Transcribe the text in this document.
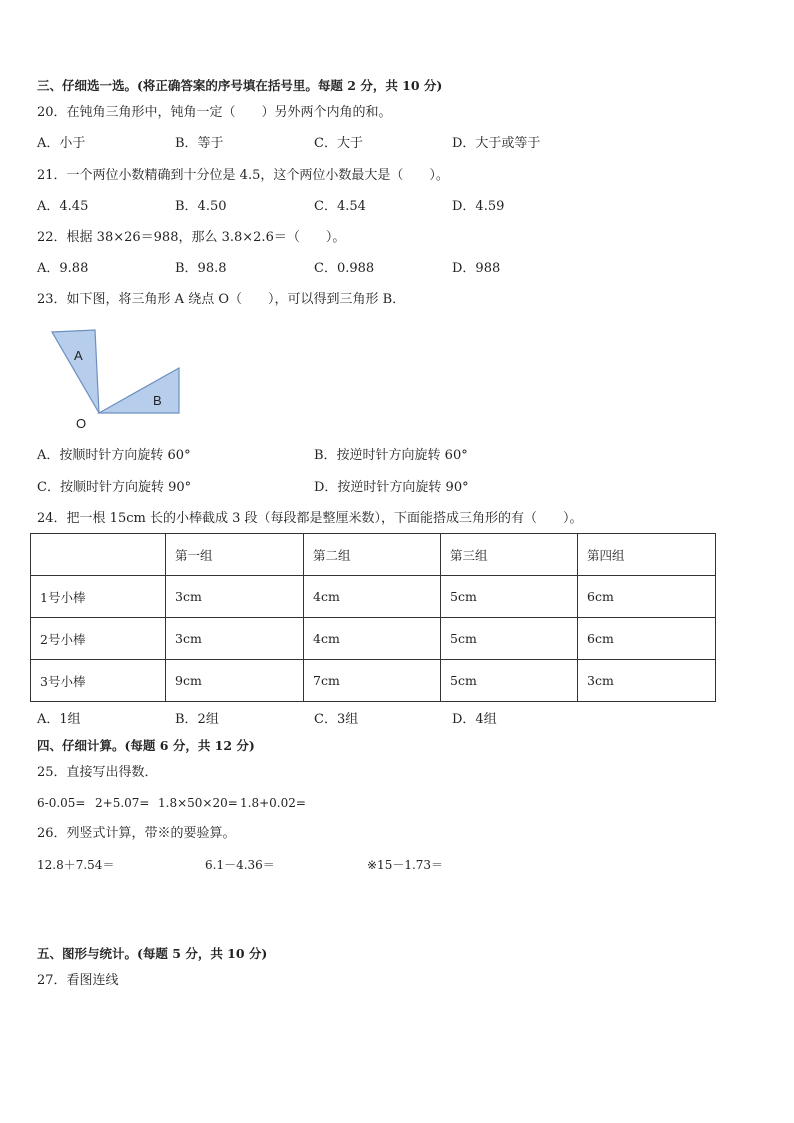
三、仔细选一选。(将正确答案的序号填在括号里。每题 2 分，共 10 分)
20．在钝角三角形中，钝角一定（　　）另外两个内角的和。
A．小于	B．等于	C．大于	D．大于或等于
21．一个两位小数精确到十分位是 4.5，这个两位小数最大是（　　）。
A．4.45	B．4.50	C．4.54	D．4.59
22．根据 38×26＝988，那么 3.8×2.6＝（　　）。
A．9.88	B．98.8	C．0.988	D．988
23．如下图，将三角形 A 绕点 O（　　），可以得到三角形 B．
A
B
O
A．按顺时针方向旋转 60°	B．按逆时针方向旋转 60°
C．按顺时针方向旋转 90°	D．按逆时针方向旋转 90°
24．把一根 15cm 长的小棒截成 3 段（每段都是整厘米数），下面能搭成三角形的有（　　）。
	第一组	第二组	第三组	第四组
1号小棒	3cm	4cm	5cm	6cm
2号小棒	3cm	4cm	5cm	6cm
3号小棒	9cm	7cm	5cm	3cm
A．1组	B．2组	C．3组	D．4组
四、仔细计算。(每题 6 分，共 12 分)
25．直接写出得数．
6-0.05= 2+5.07= 1.8×50×20= 1.8+0.02=
26．列竖式计算，带※的要验算。
12.8＋7.54＝	6.1－4.36＝	※15－1.73＝
五、图形与统计。(每题 5 分，共 10 分)
27．看图连线
